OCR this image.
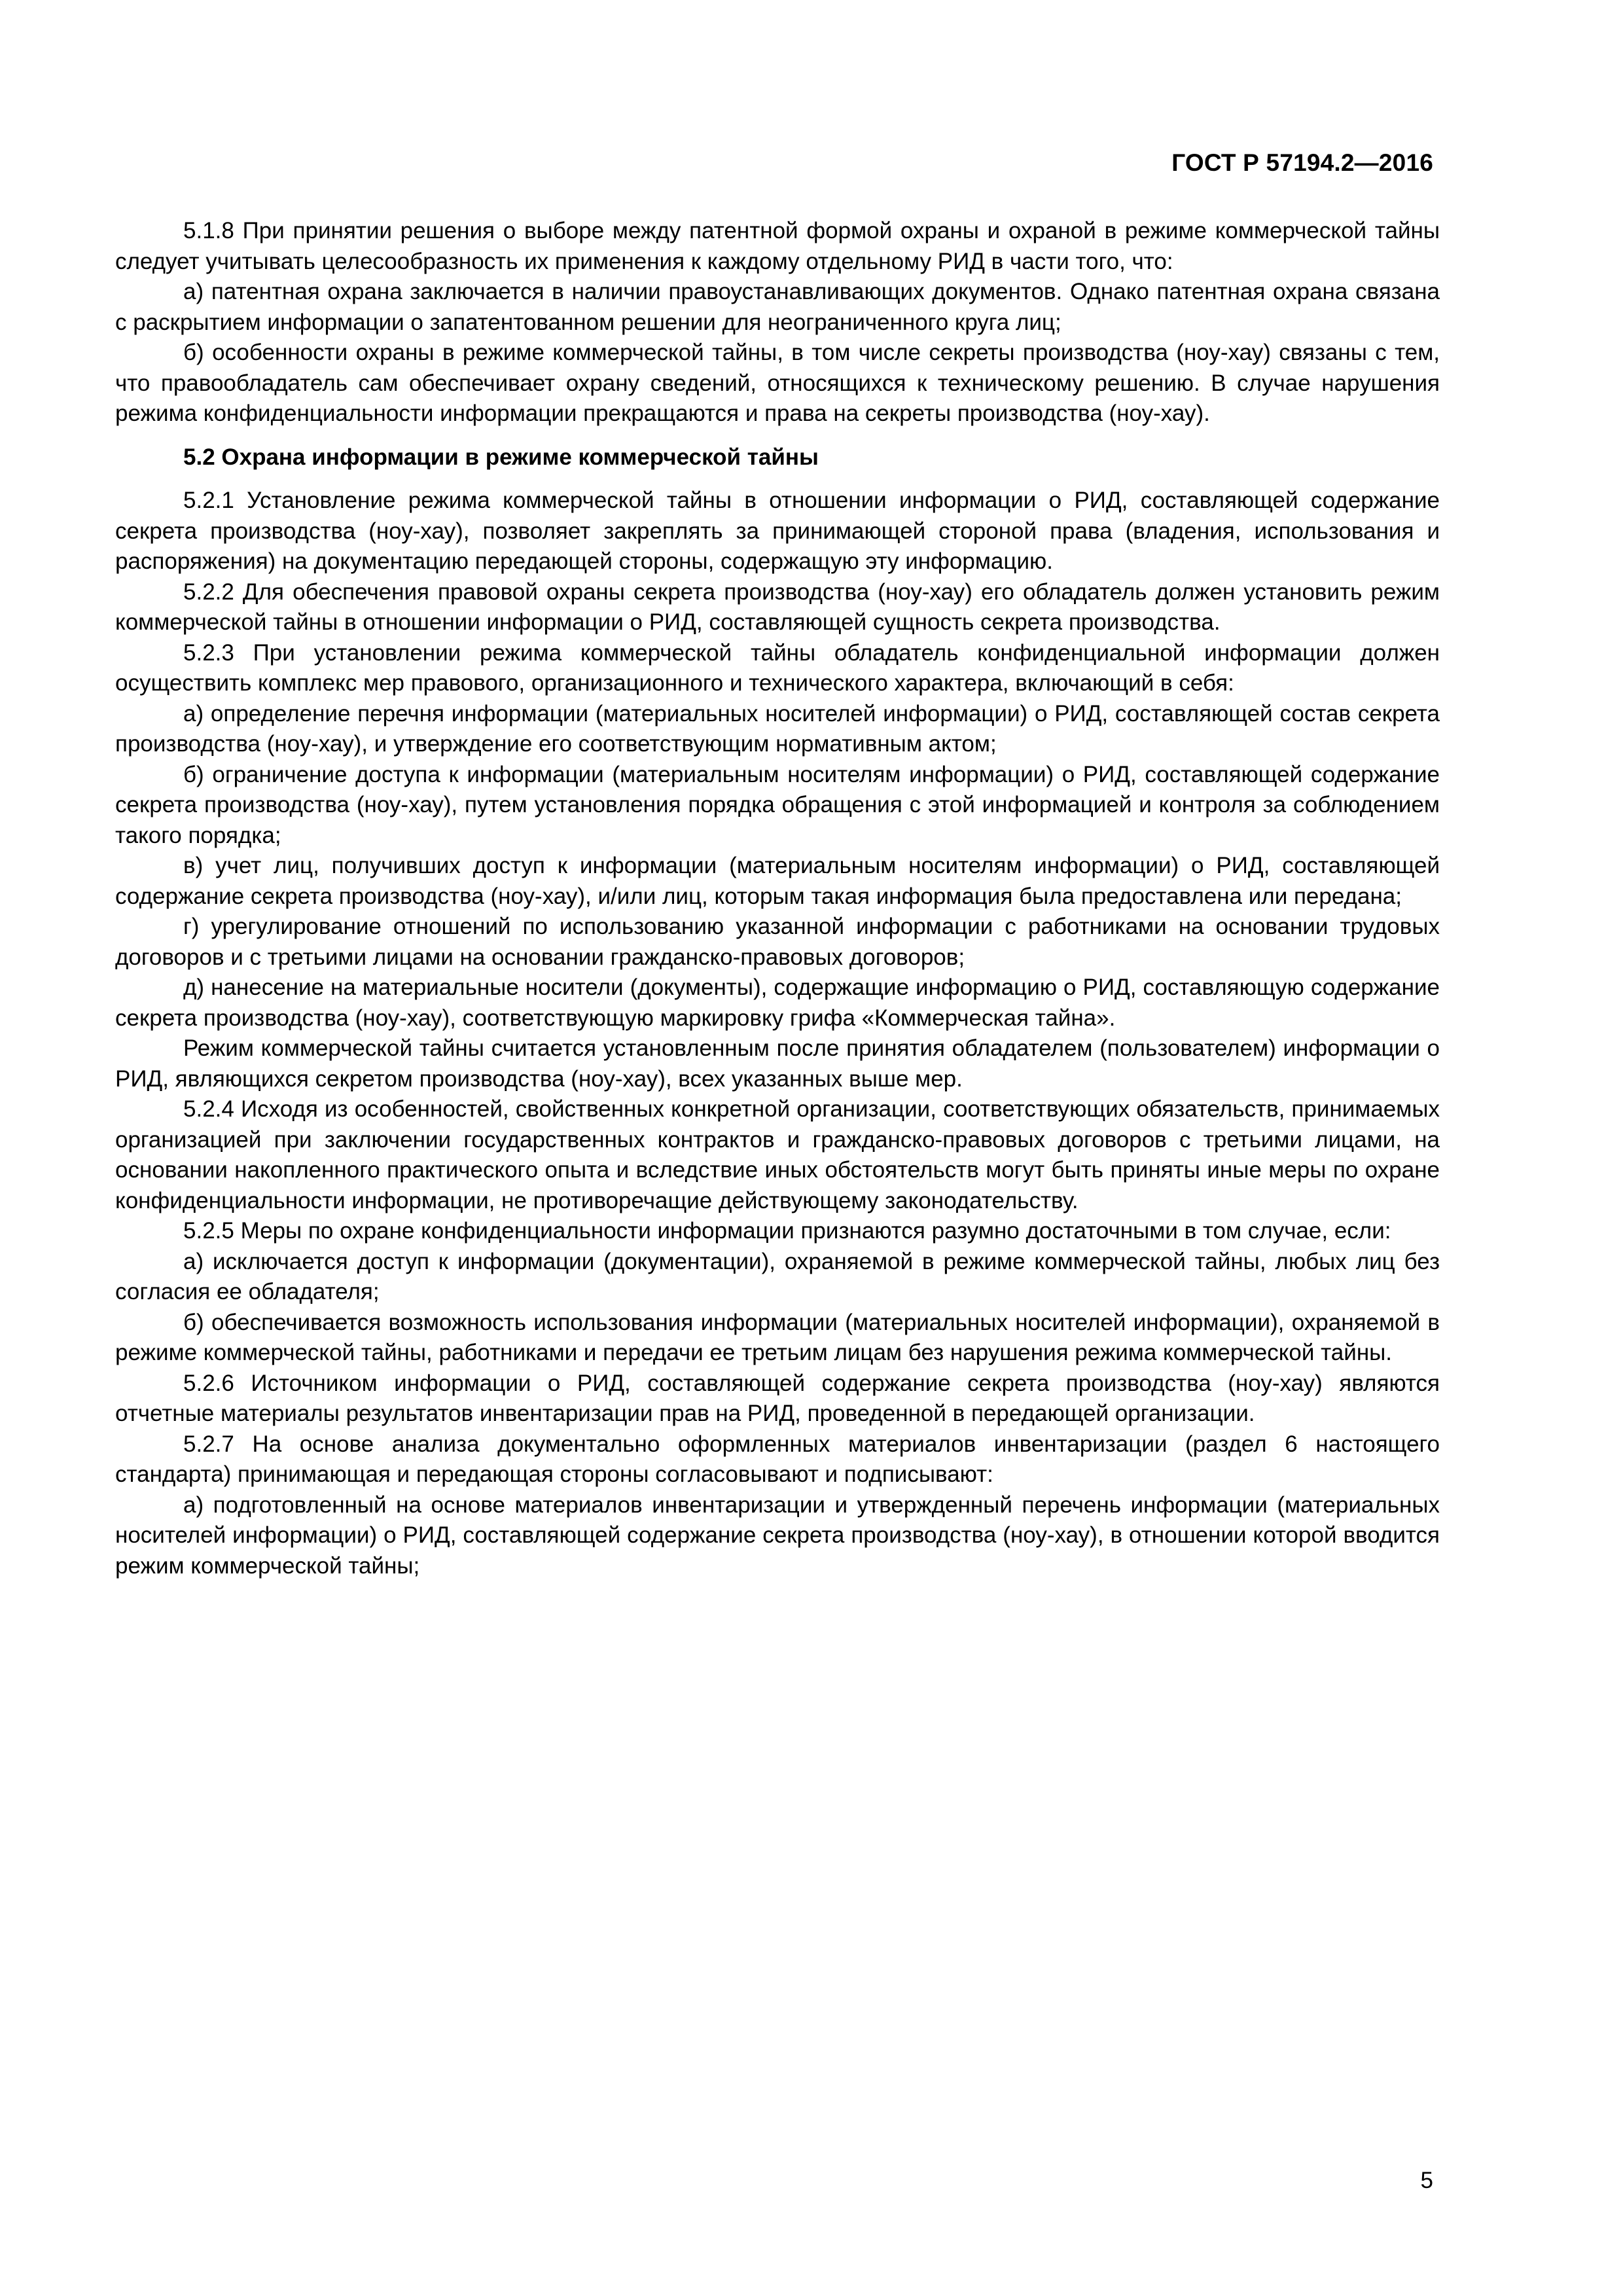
ГОСТ Р 57194.2—2016

5.1.8 При принятии решения о выборе между патентной формой охраны и охраной в режиме коммерческой тайны следует учитывать целесообразность их применения к каждому отдельному РИД в части того, что:

а) патентная охрана заключается в наличии правоустанавливающих документов. Однако патентная охрана связана с раскрытием информации о запатентованном решении для неограниченного круга лиц;

б) особенности охраны в режиме коммерческой тайны, в том числе секреты производства (ноу-хау) связаны с тем, что правообладатель сам обеспечивает охрану сведений, относящихся к техническому решению. В случае нарушения режима конфиденциальности информации прекращаются и права на секреты производства (ноу-хау).

5.2 Охрана информации в режиме коммерческой тайны

5.2.1 Установление режима коммерческой тайны в отношении информации о РИД, составляющей содержание секрета производства (ноу-хау), позволяет закреплять за принимающей стороной права (владения, использования и распоряжения) на документацию передающей стороны, содержащую эту информацию.

5.2.2 Для обеспечения правовой охраны секрета производства (ноу-хау) его обладатель должен установить режим коммерческой тайны в отношении информации о РИД, составляющей сущность секрета производства.

5.2.3 При установлении режима коммерческой тайны обладатель конфиденциальной информации должен осуществить комплекс мер правового, организационного и технического характера, включающий в себя:

а) определение перечня информации (материальных носителей информации) о РИД, составляющей состав секрета производства (ноу-хау), и утверждение его соответствующим нормативным актом;

б) ограничение доступа к информации (материальным носителям информации) о РИД, составляющей содержание секрета производства (ноу-хау), путем установления порядка обращения с этой информацией и контроля за соблюдением такого порядка;

в) учет лиц, получивших доступ к информации (материальным носителям информации) о РИД, составляющей содержание секрета производства (ноу-хау), и/или лиц, которым такая информация была предоставлена или передана;

г) урегулирование отношений по использованию указанной информации с работниками на основании трудовых договоров и с третьими лицами на основании гражданско-правовых договоров;

д) нанесение на материальные носители (документы), содержащие информацию о РИД, составляющую содержание секрета производства (ноу-хау), соответствующую маркировку грифа «Коммерческая тайна».

Режим коммерческой тайны считается установленным после принятия обладателем (пользователем) информации о РИД, являющихся секретом производства (ноу-хау), всех указанных выше мер.

5.2.4 Исходя из особенностей, свойственных конкретной организации, соответствующих обязательств, принимаемых организацией при заключении государственных контрактов и гражданско-правовых договоров с третьими лицами, на основании накопленного практического опыта и вследствие иных обстоятельств могут быть приняты иные меры по охране конфиденциальности информации, не противоречащие действующему законодательству.

5.2.5 Меры по охране конфиденциальности информации признаются разумно достаточными в том случае, если:

а) исключается доступ к информации (документации), охраняемой в режиме коммерческой тайны, любых лиц без согласия ее обладателя;

б) обеспечивается возможность использования информации (материальных носителей информации), охраняемой в режиме коммерческой тайны, работниками и передачи ее третьим лицам без нарушения режима коммерческой тайны.

5.2.6 Источником информации о РИД, составляющей содержание секрета производства (ноу-хау) являются отчетные материалы результатов инвентаризации прав на РИД, проведенной в передающей организации.

5.2.7 На основе анализа документально оформленных материалов инвентаризации (раздел 6 настоящего стандарта) принимающая и передающая стороны согласовывают и подписывают:

а) подготовленный на основе материалов инвентаризации и утвержденный перечень информации (материальных носителей информации) о РИД, составляющей содержание секрета производства (ноу-хау), в отношении которой вводится режим коммерческой тайны;

5
